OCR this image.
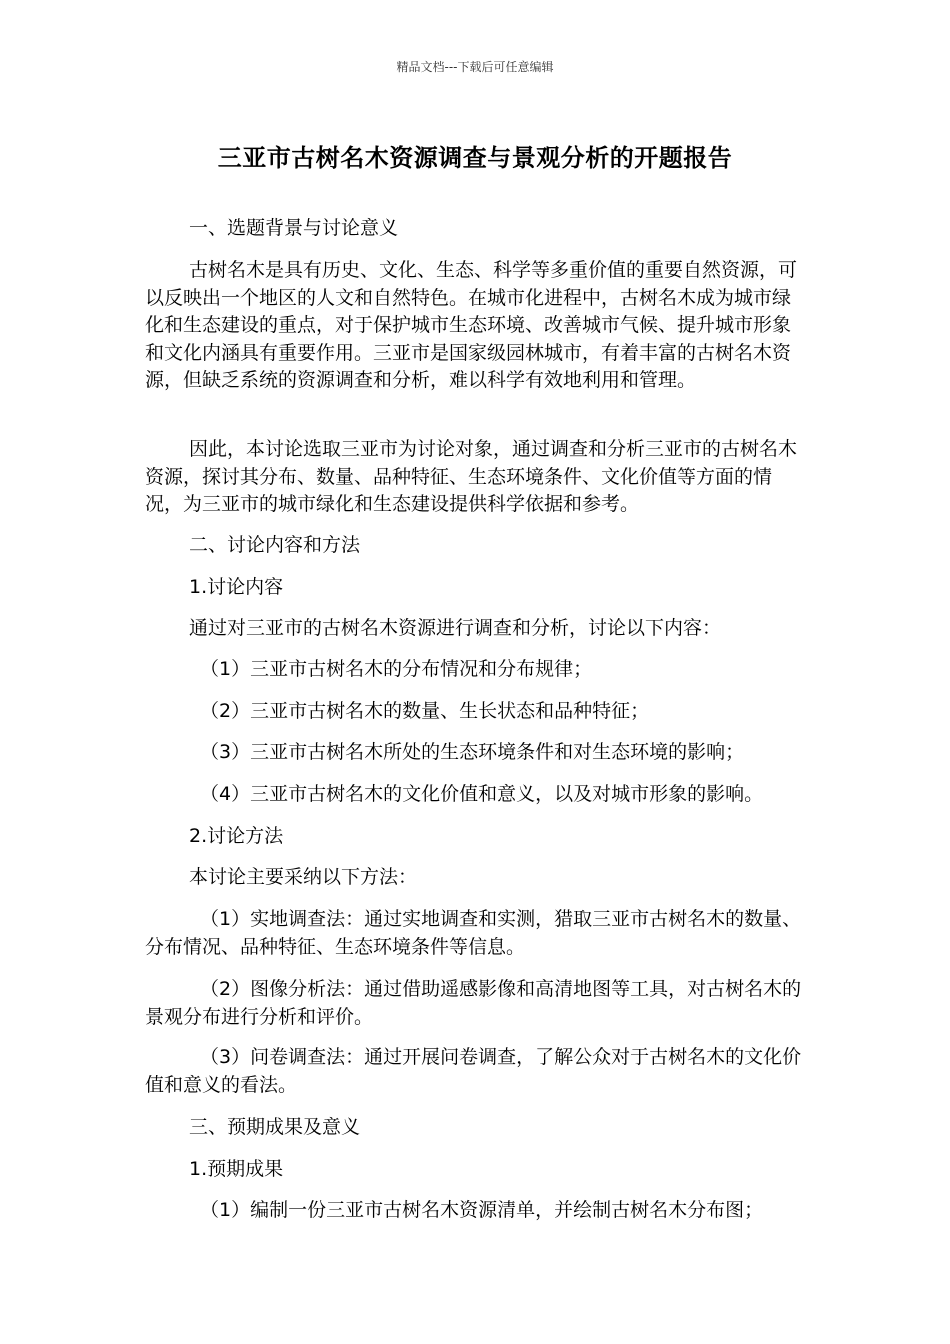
精品文档---下载后可任意编辑
三亚市古树名木资源调查与景观分析的开题报告

一、选题背景与讨论意义

古树名木是具有历史、文化、生态、科学等多重价值的重要自然资源，可以反映出一个地区的人文和自然特色。在城市化进程中，古树名木成为城市绿化和生态建设的重点，对于保护城市生态环境、改善城市气候、提升城市形象和文化内涵具有重要作用。三亚市是国家级园林城市，有着丰富的古树名木资源，但缺乏系统的资源调查和分析，难以科学有效地利用和管理。

因此，本讨论选取三亚市为讨论对象，通过调查和分析三亚市的古树名木资源，探讨其分布、数量、品种特征、生态环境条件、文化价值等方面的情况，为三亚市的城市绿化和生态建设提供科学依据和参考。

二、讨论内容和方法

1.讨论内容

通过对三亚市的古树名木资源进行调查和分析，讨论以下内容：

（1）三亚市古树名木的分布情况和分布规律；

（2）三亚市古树名木的数量、生长状态和品种特征；

（3）三亚市古树名木所处的生态环境条件和对生态环境的影响；

（4）三亚市古树名木的文化价值和意义，以及对城市形象的影响。

2.讨论方法

本讨论主要采纳以下方法：

（1）实地调查法：通过实地调查和实测，猎取三亚市古树名木的数量、分布情况、品种特征、生态环境条件等信息。

（2）图像分析法：通过借助遥感影像和高清地图等工具，对古树名木的景观分布进行分析和评价。

（3）问卷调查法：通过开展问卷调查，了解公众对于古树名木的文化价值和意义的看法。

三、预期成果及意义

1.预期成果

（1）编制一份三亚市古树名木资源清单，并绘制古树名木分布图；
